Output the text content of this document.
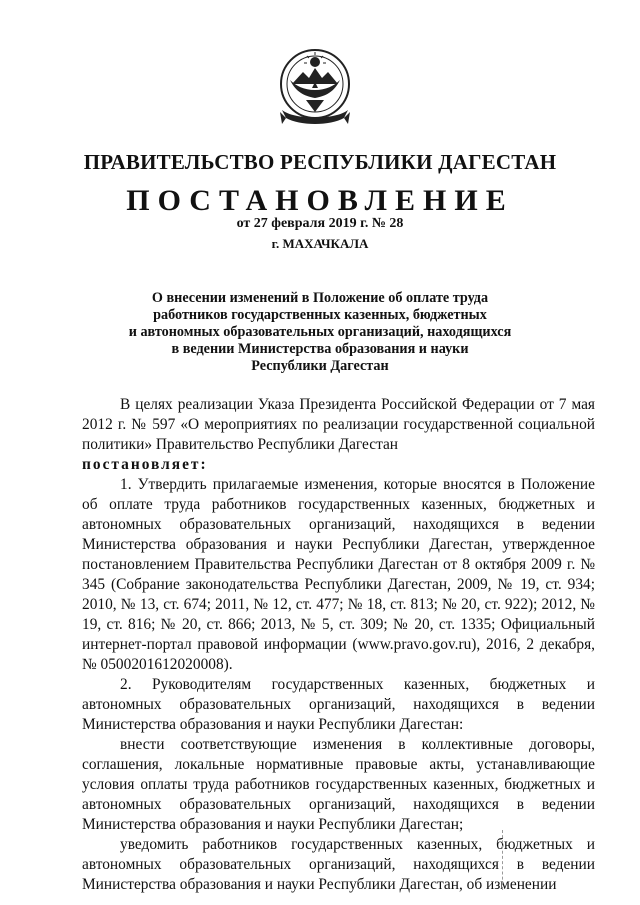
ПРАВИТЕЛЬСТВО РЕСПУБЛИКИ ДАГЕСТАН
ПОСТАНОВЛЕНИЕ
от 27 февраля 2019 г. № 28
г. МАХАЧКАЛА
О внесении изменений в Положение об оплате труда
работников государственных казенных, бюджетных
и автономных образовательных организаций, находящихся
в ведении Министерства образования и науки
Республики Дагестан

В целях реализации Указа Президента Российской Федерации от 7 мая 2012 г. № 597 «О мероприятиях по реализации государственной социальной политики» Правительство Республики Дагестан

постановляет:

1. Утвердить прилагаемые изменения, которые вносятся в Положение об оплате труда работников государственных казенных, бюджетных и автономных образовательных организаций, находящихся в ведении Министерства образования и науки Республики Дагестан, утвержденное постановлением Правительства Республики Дагестан от 8 октября 2009 г. № 345 (Собрание законодательства Республики Дагестан, 2009, № 19, ст. 934; 2010, № 13, ст. 674; 2011, № 12, ст. 477; № 18, ст. 813; № 20, ст. 922); 2012, № 19, ст. 816; № 20, ст. 866; 2013, № 5, ст. 309; № 20, ст. 1335; Официальный интернет-портал правовой информации (www.pravo.gov.ru), 2016, 2 декабря, № 0500201612020008).

2. Руководителям государственных казенных, бюджетных и автономных образовательных организаций, находящихся в ведении Министерства образования и науки Республики Дагестан:

внести соответствующие изменения в коллективные договоры, соглашения, локальные нормативные правовые акты, устанавливающие условия оплаты труда работников государственных казенных, бюджетных и автономных образовательных организаций, находящихся в ведении Министерства образования и науки Республики Дагестан;

уведомить работников государственных казенных, бюджетных и автономных образовательных организаций, находящихся в ведении Министерства образования и науки Республики Дагестан, об изменении
